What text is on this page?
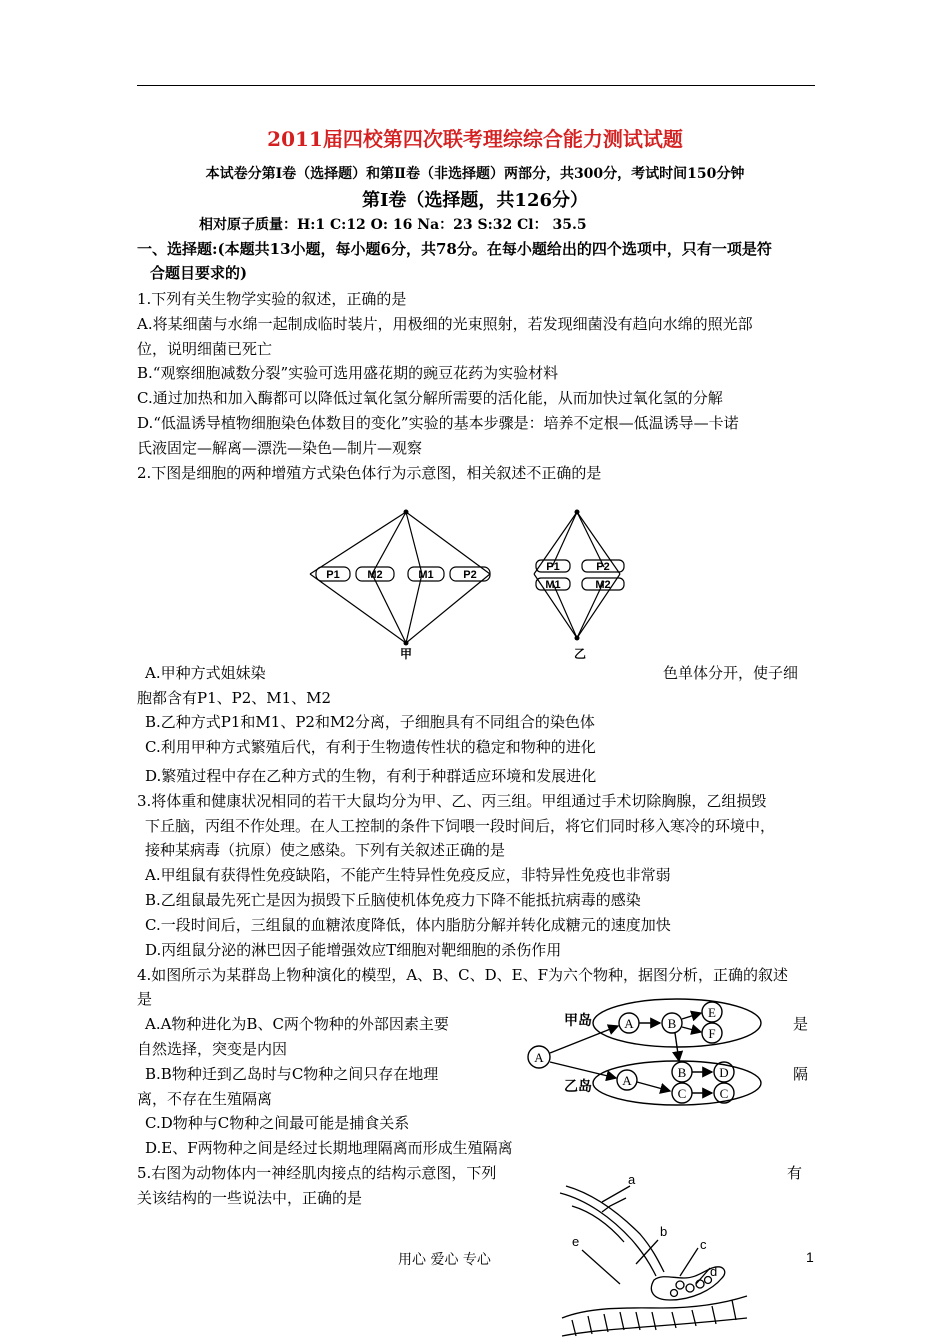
2011届四校第四次联考理综综合能力测试试题
本试卷分第Ⅰ卷（选择题）和第Ⅱ卷（非选择题）两部分，共300分，考试时间150分钟
第Ⅰ卷（选择题，共126分）
相对原子质量：H:1 C:12 O: 16 Na：23 S:32 Cl： 35.5
一、选择题:(本题共13小题，每小题6分，共78分。在每小题给出的四个选项中，只有一项是符
合题目要求的)
1.下列有关生物学实验的叙述，正确的是
A.将某细菌与水绵一起制成临时装片，用极细的光束照射，若发现细菌没有趋向水绵的照光部
位，说明细菌已死亡
B.“观察细胞减数分裂”实验可选用盛花期的豌豆花药为实验材料
C.通过加热和加入酶都可以降低过氧化氢分解所需要的活化能，从而加快过氧化氢的分解
D.“低温诱导植物细胞染色体数目的变化”实验的基本步骤是：培养不定根—低温诱导—卡诺
氏液固定—解离—漂洗—染色—制片—观察
2.下图是细胞的两种增殖方式染色体行为示意图，相关叙述不正确的是
P1	M2	M1	P2
P1	P2
M1	M2
甲	乙
A.甲种方式姐妹染	色单体分开，使子细
胞都含有P1、P2、M1、M2
B.乙种方式P1和M1、P2和M2分离，子细胞具有不同组合的染色体
C.利用甲种方式繁殖后代，有利于生物遗传性状的稳定和物种的进化
D.繁殖过程中存在乙种方式的生物，有利于种群适应环境和发展进化
3.将体重和健康状况相同的若干大鼠均分为甲、乙、丙三组。甲组通过手术切除胸腺，乙组损毁
下丘脑，丙组不作处理。在人工控制的条件下饲喂一段时间后，将它们同时移入寒冷的环境中，
接种某病毒（抗原）使之感染。下列有关叙述正确的是
A.甲组鼠有获得性免疫缺陷，不能产生特异性免疫反应，非特异性免疫也非常弱
B.乙组鼠最先死亡是因为损毁下丘脑使机体免疫力下降不能抵抗病毒的感染
C.一段时间后，三组鼠的血糖浓度降低，体内脂肪分解并转化成糖元的速度加快
D.丙组鼠分泌的淋巴因子能增强效应T细胞对靶细胞的杀伤作用
4.如图所示为某群岛上物种演化的模型，A、B、C、D、E、F为六个物种，据图分析，正确的叙述
是
A.A物种进化为B、C两个物种的外部因素主要	是
自然选择，突变是内因
B.B物种迁到乙岛时与C物种之间只存在地理	隔
离，不存在生殖隔离
C.D物种与C物种之间最可能是捕食关系
D.E、F两物种之间是经过长期地理隔离而形成生殖隔离
甲岛
乙岛
A
A	B
E
F
A
B
C
D
C
5.右图为动物体内一神经肌肉接点的结构示意图，下列	有
关该结构的一些说法中，正确的是
a
b
c
d
e
用心 爱心 专心	1
